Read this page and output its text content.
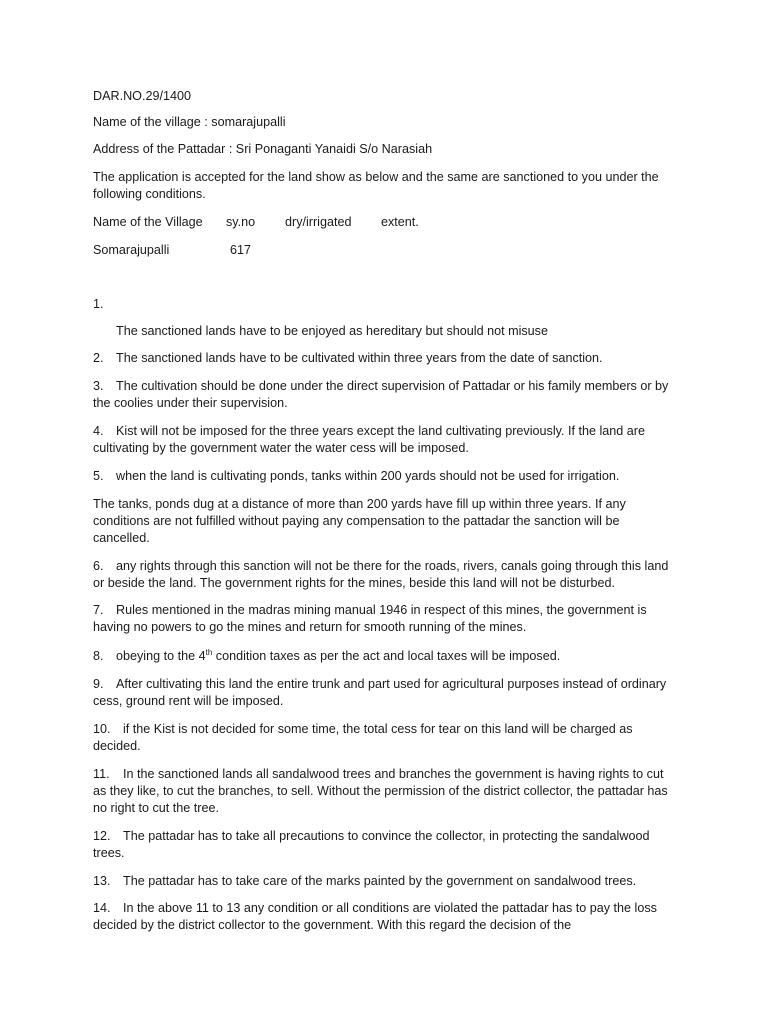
DAR.NO.29/1400
Name of the village : somarajupalli
Address of the Pattadar : Sri Ponaganti Yanaidi S/o Narasiah
The application is accepted for the land show as below and the same are sanctioned to you under the following conditions.
Name of the Village sy.no dry/irrigated extent.
Somarajupalli	617
1.
The sanctioned lands have to be enjoyed as hereditary but should not misuse
2. The sanctioned lands have to be cultivated within three years from the date of sanction.
3. The cultivation should be done under the direct supervision of Pattadar or his family members or by the coolies under their supervision.
4. Kist will not be imposed for the three years except the land cultivating previously. If the land are cultivating by the government water the water cess will be imposed.
5. when the land is cultivating ponds, tanks within 200 yards should not be used for irrigation.
The tanks, ponds dug at a distance of more than 200 yards have fill up within three years. If any conditions are not fulfilled without paying any compensation to the pattadar the sanction will be cancelled.
6. any rights through this sanction will not be there for the roads, rivers, canals going through this land or beside the land. The government rights for the mines, beside this land will not be disturbed.
7. Rules mentioned in the madras mining manual 1946 in respect of this mines, the government is having no powers to go the mines and return for smooth running of the mines.
8. obeying to the 4th condition taxes as per the act and local taxes will be imposed.
9. After cultivating this land the entire trunk and part used for agricultural purposes instead of ordinary cess, ground rent will be imposed.
10. if the Kist is not decided for some time, the total cess for tear on this land will be charged as decided.
11. In the sanctioned lands all sandalwood trees and branches the government is having rights to cut as they like, to cut the branches, to sell. Without the permission of the district collector, the pattadar has no right to cut the tree.
12. The pattadar has to take all precautions to convince the collector, in protecting the sandalwood trees.
13. The pattadar has to take care of the marks painted by the government on sandalwood trees.
14. In the above 11 to 13 any condition or all conditions are violated the pattadar has to pay the loss decided by the district collector to the government. With this regard the decision of the
